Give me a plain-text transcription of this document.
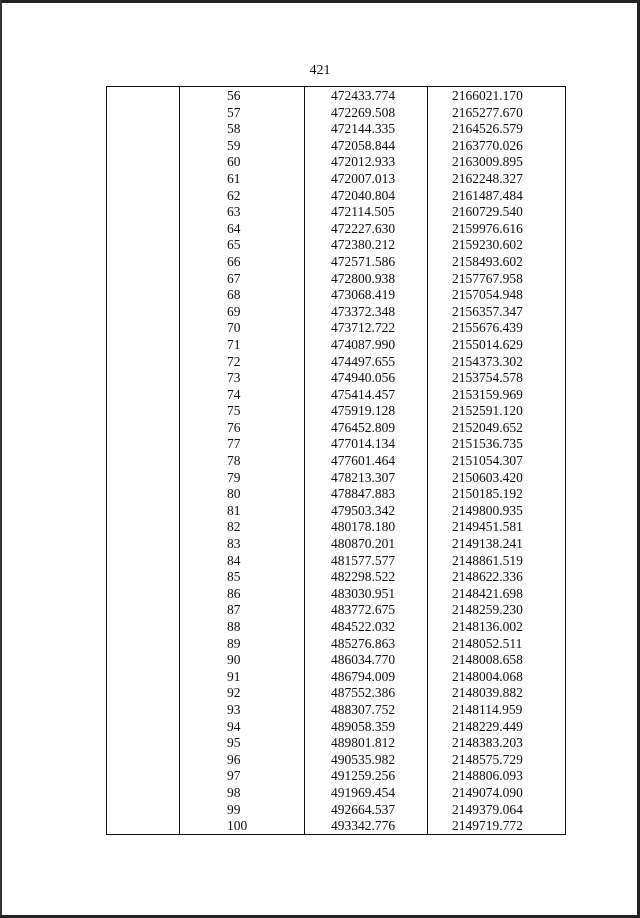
421
56	472433.774	2166021.170
57	472269.508	2165277.670
58	472144.335	2164526.579
59	472058.844	2163770.026
60	472012.933	2163009.895
61	472007.013	2162248.327
62	472040.804	2161487.484
63	472114.505	2160729.540
64	472227.630	2159976.616
65	472380.212	2159230.602
66	472571.586	2158493.602
67	472800.938	2157767.958
68	473068.419	2157054.948
69	473372.348	2156357.347
70	473712.722	2155676.439
71	474087.990	2155014.629
72	474497.655	2154373.302
73	474940.056	2153754.578
74	475414.457	2153159.969
75	475919.128	2152591.120
76	476452.809	2152049.652
77	477014.134	2151536.735
78	477601.464	2151054.307
79	478213.307	2150603.420
80	478847.883	2150185.192
81	479503.342	2149800.935
82	480178.180	2149451.581
83	480870.201	2149138.241
84	481577.577	2148861.519
85	482298.522	2148622.336
86	483030.951	2148421.698
87	483772.675	2148259.230
88	484522.032	2148136.002
89	485276.863	2148052.511
90	486034.770	2148008.658
91	486794.009	2148004.068
92	487552.386	2148039.882
93	488307.752	2148114.959
94	489058.359	2148229.449
95	489801.812	2148383.203
96	490535.982	2148575.729
97	491259.256	2148806.093
98	491969.454	2149074.090
99	492664.537	2149379.064
100	493342.776	2149719.772
